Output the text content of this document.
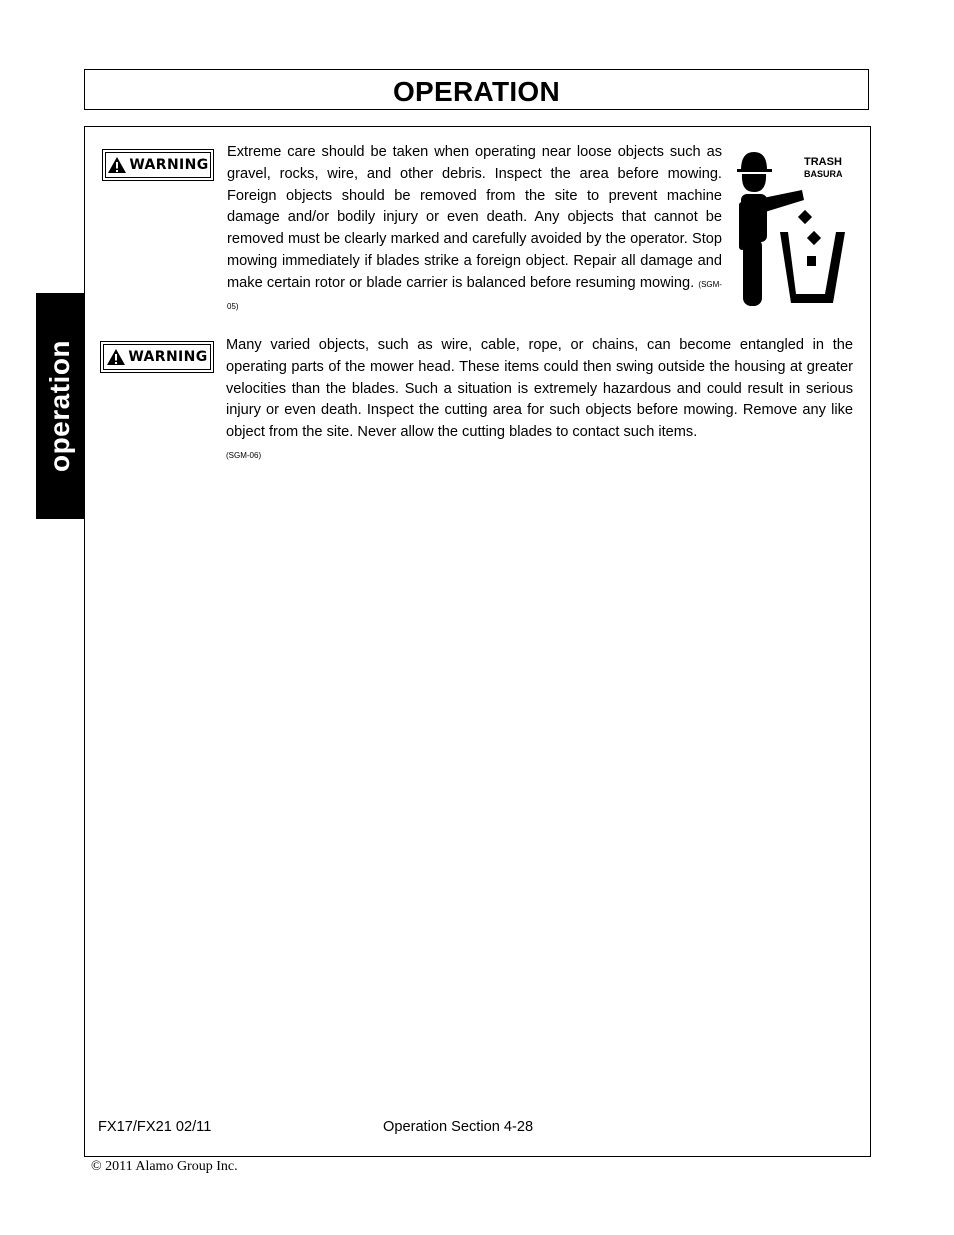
OPERATION
operation
WARNING
Extreme care should be taken when operating near loose objects such as gravel, rocks, wire, and other debris. Inspect the area before mowing. Foreign objects should be removed from the site to prevent machine damage and/or bodily injury or even death. Any objects that cannot be removed must be clearly marked and carefully avoided by the operator. Stop mowing immediately if blades strike a foreign object. Repair all damage and make certain rotor or blade carrier is balanced before resuming mowing. (SGM-05)
TRASH
BASURA
WARNING
Many varied objects, such as wire, cable, rope, or chains, can become entangled in the operating parts of the mower head. These items could then swing outside the housing at greater velocities than the blades. Such a situation is extremely hazardous and could result in serious injury or even death. Inspect the cutting area for such objects before mowing. Remove any like object from the site. Never allow the cutting blades to contact such items.
(SGM-06)
FX17/FX21 02/11	Operation Section 4-28
© 2011 Alamo Group Inc.
